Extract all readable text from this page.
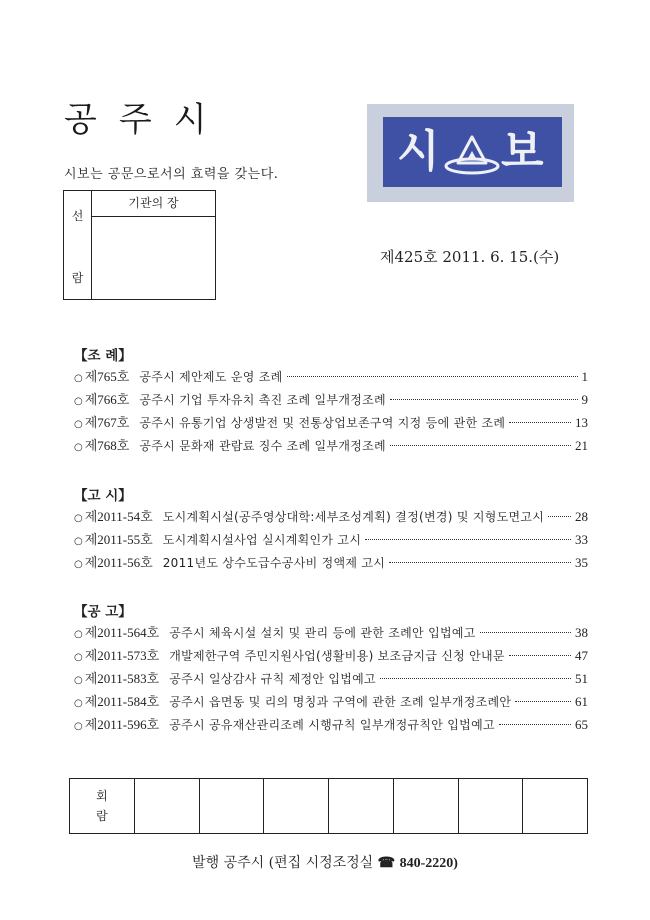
공주시
시보는 공문으로서의 효력을 갖는다.
선
람
기관의 장
시 보
제425호 2011. 6. 15.(수)
【조 례】
○ 제765호 공주시 제안제도 운영 조례	1
○ 제766호 공주시 기업 투자유치 촉진 조례 일부개정조례	9
○ 제767호 공주시 유통기업 상생발전 및 전통상업보존구역 지정 등에 관한 조례	13
○ 제768호 공주시 문화재 관람료 징수 조례 일부개정조례	21
【고 시】
○ 제2011-54호 도시계획시설(공주영상대학:세부조성계획) 결정(변경) 및 지형도면고시 28
○ 제2011-55호 도시계획시설사업 실시계획인가 고시	33
○ 제2011-56호 2011년도 상수도급수공사비 정액제 고시	35
【공 고】
○ 제2011-564호 공주시 체육시설 설치 및 관리 등에 관한 조례안 입법예고	38
○ 제2011-573호 개발제한구역 주민지원사업(생활비용) 보조금지급 신청 안내문	47
○ 제2011-583호 공주시 일상감사 규칙 제정안 입법예고	51
○ 제2011-584호 공주시 읍면동 및 리의 명칭과 구역에 관한 조례 일부개정조례안	61
○ 제2011-596호 공주시 공유재산관리조례 시행규칙 일부개정규칙안 입법예고	65
회
람
발행 공주시 (편집 시정조정실 ☎ 840-2220)
